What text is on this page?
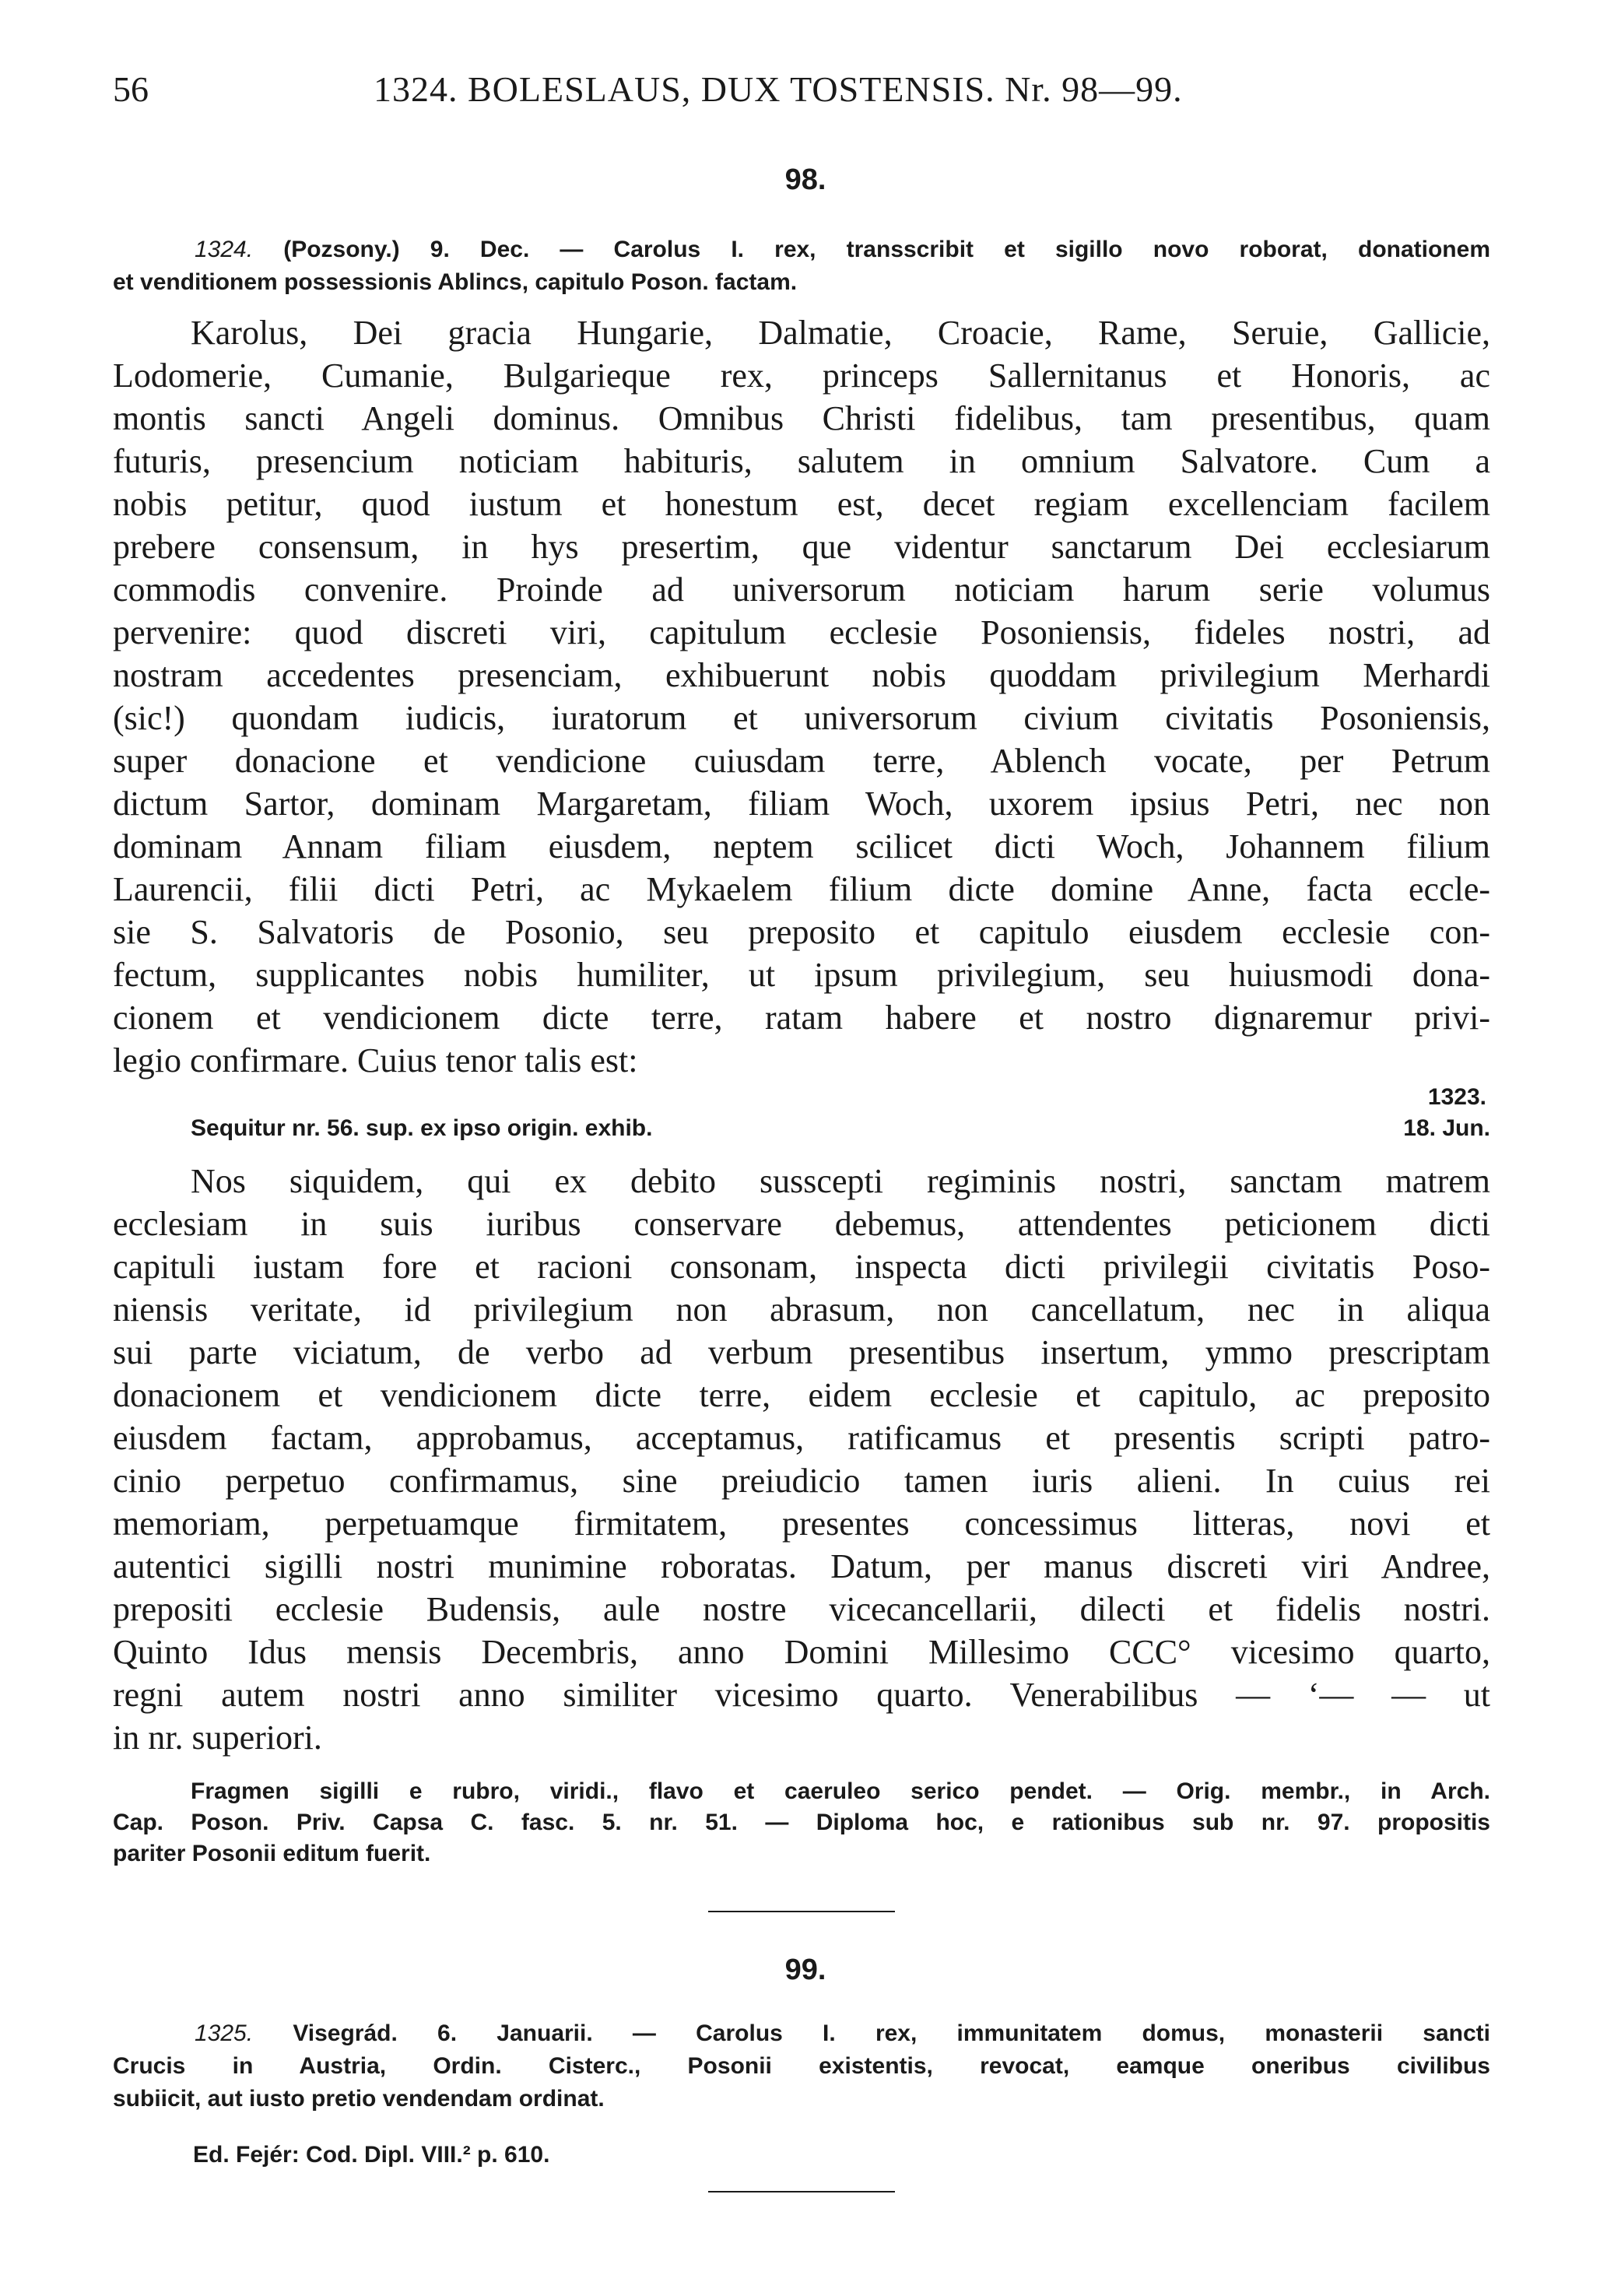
56	1324. BOLESLAUS, DUX TOSTENSIS. Nr. 98—99.
98.
1324. (Pozsony.) 9. Dec. — Carolus I. rex, transscribit et sigillo novo roborat, donationem
et venditionem possessionis Ablincs, capitulo Poson. factam.
Karolus, Dei gracia Hungarie, Dalmatie, Croacie, Rame, Seruie, Gallicie,
Lodomerie, Cumanie, Bulgarieque rex, princeps Sallernitanus et Honoris, ac
montis sancti Angeli dominus. Omnibus Christi fidelibus, tam presentibus, quam
futuris, presencium noticiam habituris, salutem in omnium Salvatore. Cum a
nobis petitur, quod iustum et honestum est, decet regiam excellenciam facilem
prebere consensum, in hys presertim, que videntur sanctarum Dei ecclesiarum
commodis convenire. Proinde ad universorum noticiam harum serie volumus
pervenire: quod discreti viri, capitulum ecclesie Posoniensis, fideles nostri, ad
nostram accedentes presenciam, exhibuerunt nobis quoddam privilegium Merhardi
(sic!) quondam iudicis, iuratorum et universorum civium civitatis Posoniensis,
super donacione et vendicione cuiusdam terre, Ablench vocate, per Petrum
dictum Sartor, dominam Margaretam, filiam Woch, uxorem ipsius Petri, nec non
dominam Annam filiam eiusdem, neptem scilicet dicti Woch, Johannem filium
Laurencii, filii dicti Petri, ac Mykaelem filium dicte domine Anne, facta eccle-
sie S. Salvatoris de Posonio, seu preposito et capitulo eiusdem ecclesie con-
fectum, supplicantes nobis humiliter, ut ipsum privilegium, seu huiusmodi dona-
cionem et vendicionem dicte terre, ratam habere et nostro dignaremur privi-
legio confirmare. Cuius tenor talis est:
1323.
Sequitur nr. 56. sup. ex ipso origin. exhib.	18. Jun.
Nos siquidem, qui ex debito susscepti regiminis nostri, sanctam matrem
ecclesiam in suis iuribus conservare debemus, attendentes peticionem dicti
capituli iustam fore et racioni consonam, inspecta dicti privilegii civitatis Poso-
niensis veritate, id privilegium non abrasum, non cancellatum, nec in aliqua
sui parte viciatum, de verbo ad verbum presentibus insertum, ymmo prescriptam
donacionem et vendicionem dicte terre, eidem ecclesie et capitulo, ac preposito
eiusdem factam, approbamus, acceptamus, ratificamus et presentis scripti patro-
cinio perpetuo confirmamus, sine preiudicio tamen iuris alieni. In cuius rei
memoriam, perpetuamque firmitatem, presentes concessimus litteras, novi et
autentici sigilli nostri munimine roboratas. Datum, per manus discreti viri Andree,
prepositi ecclesie Budensis, aule nostre vicecancellarii, dilecti et fidelis nostri.
Quinto Idus mensis Decembris, anno Domini Millesimo CCC° vicesimo quarto,
regni autem nostri anno similiter vicesimo quarto. Venerabilibus — ‘— — ut
in nr. superiori.
Fragmen sigilli e rubro, viridi., flavo et caeruleo serico pendet. — Orig. membr., in Arch.
Cap. Poson. Priv. Capsa C. fasc. 5. nr. 51. — Diploma hoc, e rationibus sub nr. 97. propositis
pariter Posonii editum fuerit.
99.
1325. Visegrád. 6. Januarii. — Carolus I. rex, immunitatem domus, monasterii sancti
Crucis in Austria, Ordin. Cisterc., Posonii existentis, revocat, eamque oneribus civilibus
subiicit, aut iusto pretio vendendam ordinat.
Ed. Fejér: Cod. Dipl. VIII.² p. 610.
